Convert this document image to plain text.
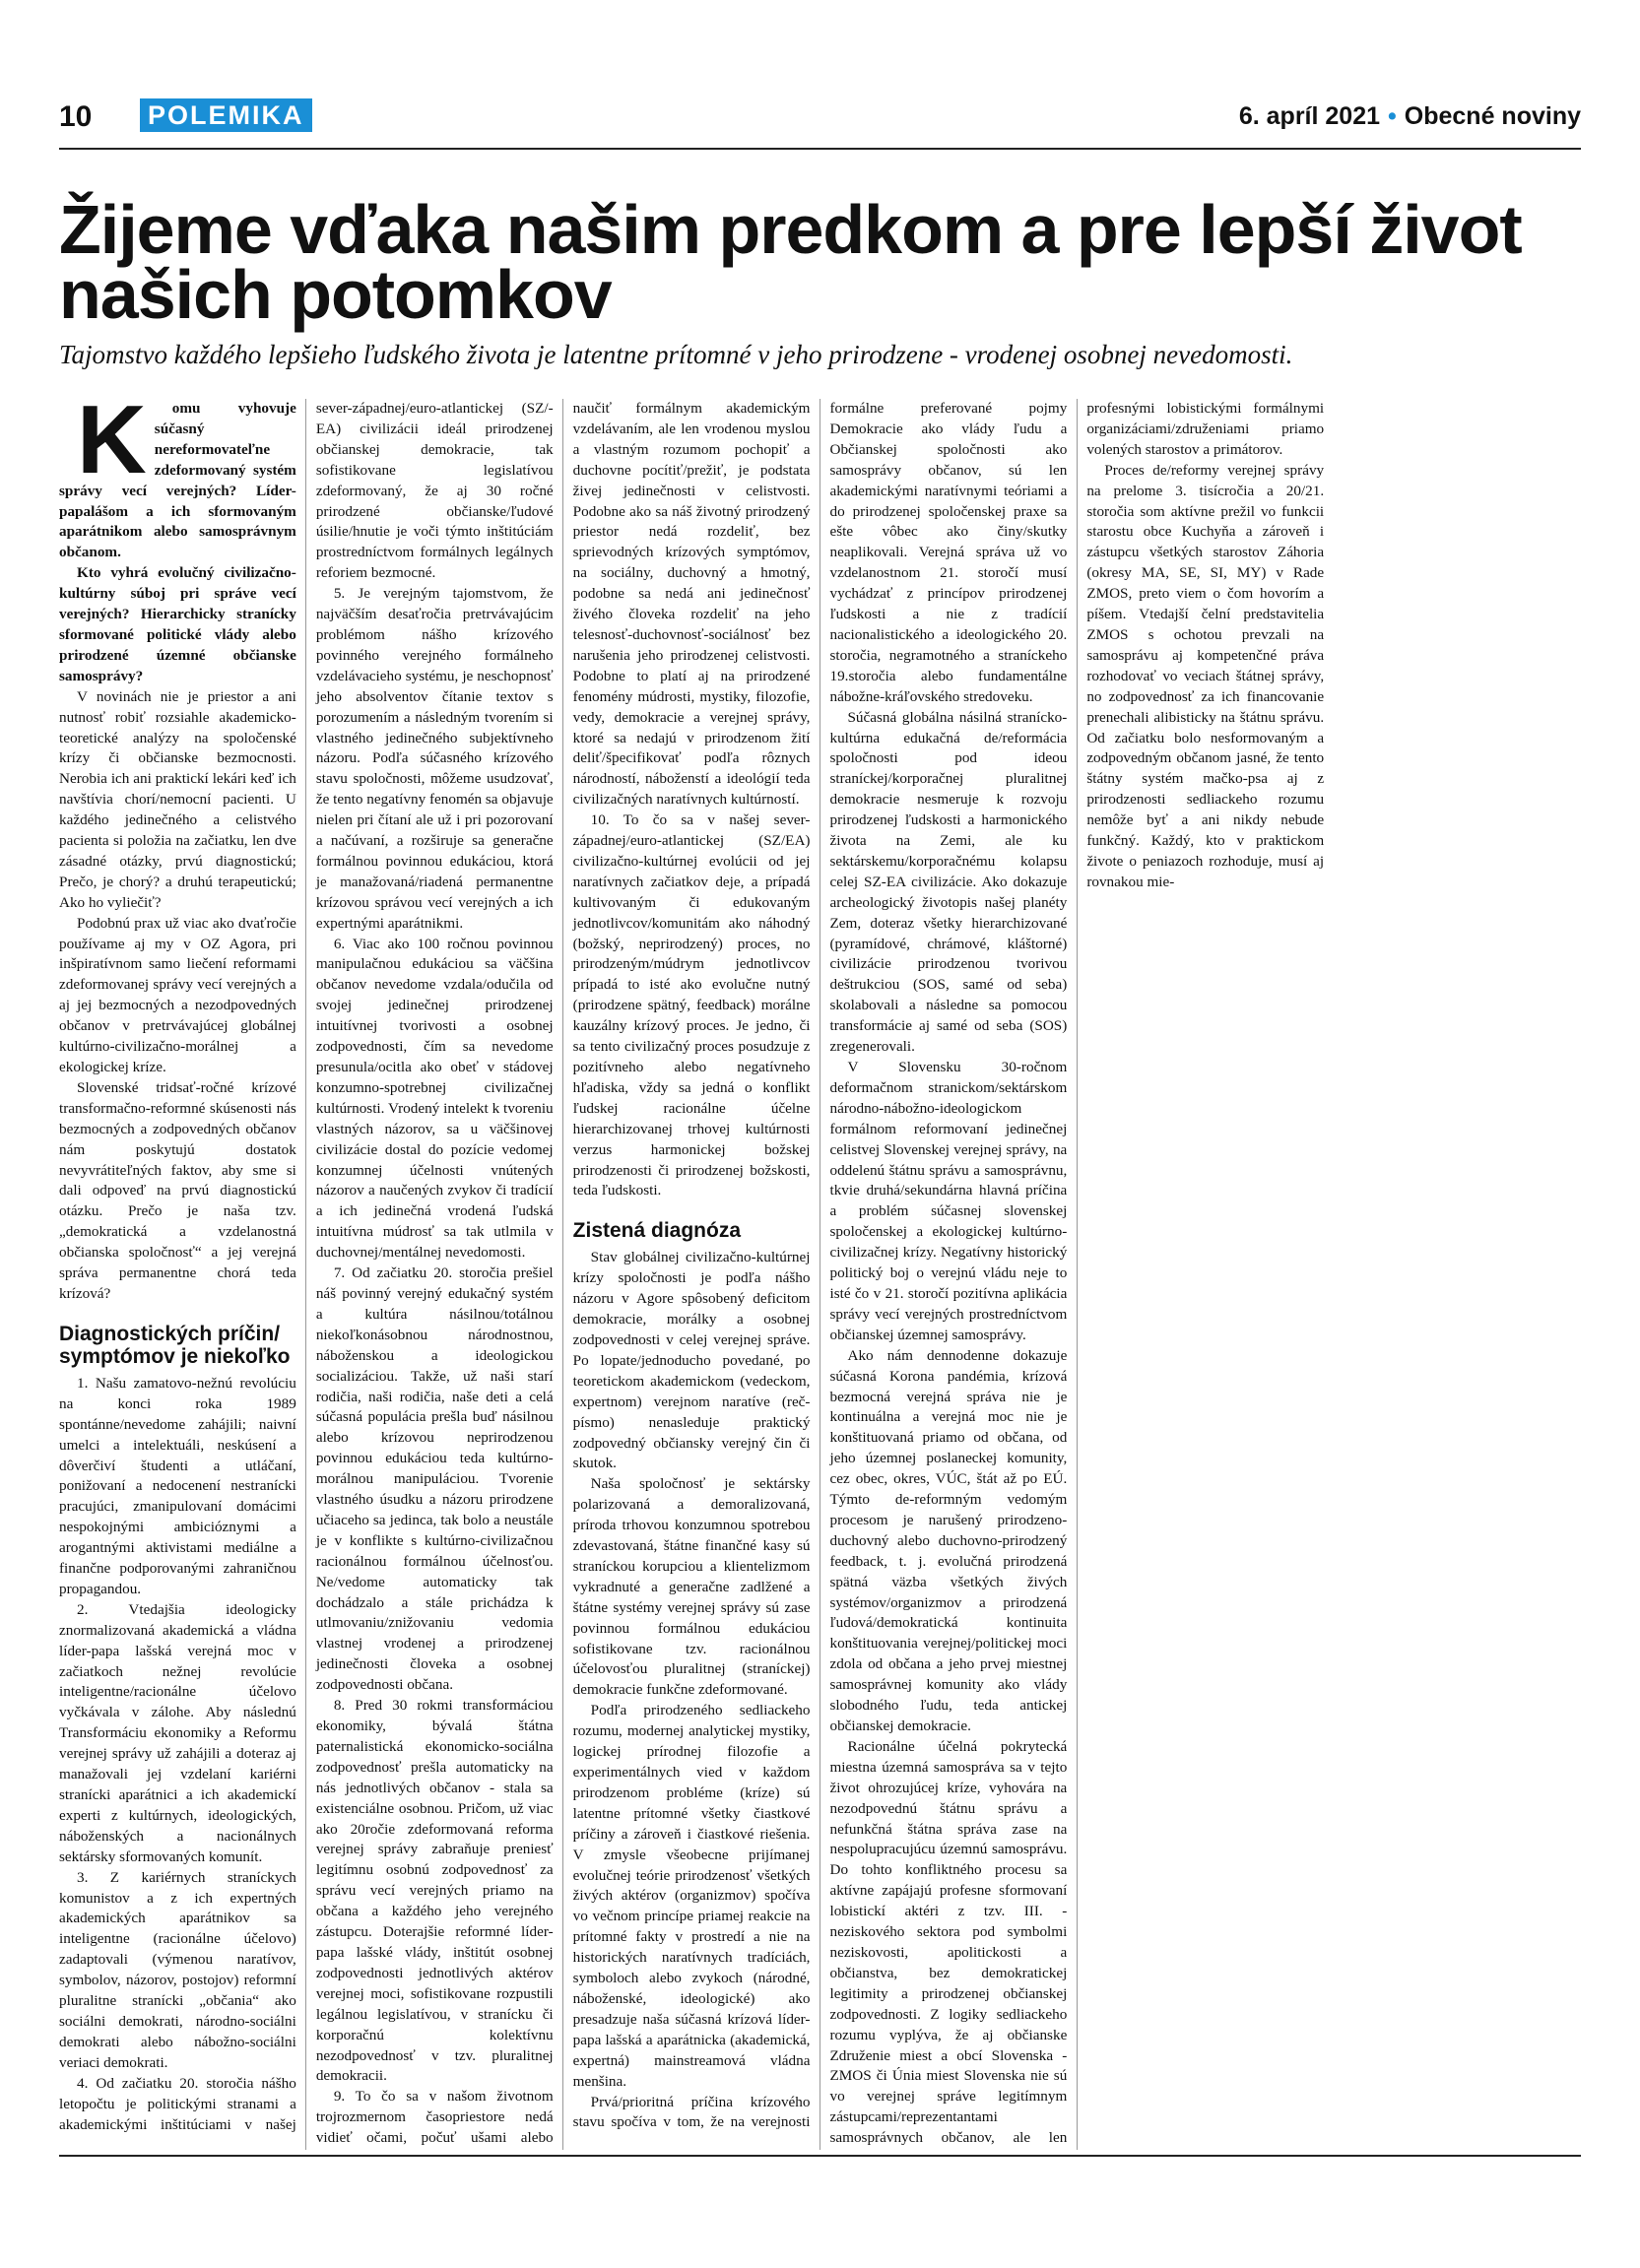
10 POLEMIKA	6. apríl 2021 • Obecné noviny
Žijeme vďaka našim predkom a pre lepší život našich potomkov
Tajomstvo každého lepšieho ľudského života je latentne prítomné v jeho prirodzene - vrodenej osobnej nevedomosti.

K omu vyhovuje súčasný nereformovateľne zdeformovaný systém správy vecí verejných? Líder-papalášom a ich sformovaným aparátnikom alebo samosprávnym občanom.

Kto vyhrá evolučný civilizačno-kultúrny súboj pri správe vecí verejných? Hierarchicky stranícky sformované politické vlády alebo prirodzené územné občianske samosprávy?

V novinách nie je priestor a ani nutnosť robiť rozsiahle akademicko-teoretické analýzy na spoločenské krízy či občianske bezmocnosti. Nerobia ich ani praktickí lekári keď ich navštívia chorí/nemocní pacienti. U každého jedinečného a celistvého pacienta si položia na začiatku, len dve zásadné otázky, prvú diagnostickú; Prečo, je chorý? a druhú terapeutickú; Ako ho vyliečiť?

Podobnú prax už viac ako dvaťročie používame aj my v OZ Agora, pri inšpiratívnom samo liečení reformami zdeformovanej správy vecí verejných a aj jej bezmocných a nezodpovedných občanov v pretrvávajúcej globálnej kultúrno-civilizačno-morálnej a ekologickej krízе.

Slovenské tridsať-ročné krízové transformačno-reformné skúsenosti nás bezmocných a zodpovedných občanov nám poskytujú dostatok nevyvrátiteľných faktov, aby sme si dali odpoveď na prvú diagnostickú otázku. Prečo je naša tzv. „demokratická a vzdelanostná občianska spoločnosť“ a jej verejná správa permanentne chorá teda krízová?

Diagnostických príčin/ symptómov je niekoľko

1. Našu zamatovo-nežnú revolúciu na konci roka 1989 spontánne/nevedome zahájili; naivní umelci a intelektuáli, neskúsení a dôverčiví študenti a utláčaní, ponižovaní a nedocenení nestranícki pracujúci, zmanipulovaní domácimi nespokojnými ambicióznymi a arogantnými aktivistami mediálne a finančne podporovanými zahraničnou propagandou.

2. Vtedajšia ideologicky znormalizovaná akademická a vládna líder-papa lašská verejná moc v začiatkoch nežnej revolúcie inteligentne/racionálne účelovo vyčkávala v zálohe. Aby následnú Transformáciu ekonomiky a Reformu verejnej správy už zahájili a doteraz aj manažovali jej vzdelaní kariérni stranícki aparátnici a ich akademickí experti z kultúrnych, ideologických, náboženských a nacionálnych sektársky sformovaných komunít.

3. Z kariérnych straníckych komunistov a z ich expertných akademických aparátnikov sa inteligentne (racionálne účelovo) zadaptovali (výmenou naratívov, symbolov, názorov, postojov) reformní pluralitne stranícki „občania“ ako sociálni demokrati, národno-sociálni demokrati alebo nábožno-sociálni veriaci demokrati.

4. Od začiatku 20. storočia nášho letopočtu je politickými stranami a akademickými inštitúciami v našej sever-západnej/euro-atlantickej (SZ/-EA) civilizácii ideál prirodzenej občianskej demokracie, tak sofistikovane legislatívou zdeformovaný, že aj 30 ročné prirodzené občianske/ľudové úsilie/hnutie je voči týmto inštitúciám prostredníctvom formálnych legálnych reforiem bezmocné.

5. Je verejným tajomstvom, že najväčším desaťročia pretrvávajúcim problémom nášho krízového povinného verejného formálneho vzdelávacieho systému, je neschopnosť jeho absolventov čítanie textov s porozumením a následným tvorením si vlastného jedinečného subjektívneho názoru. Podľa súčasného krízového stavu spoločnosti, môžeme usudzovať, že tento negatívny fenomén sa objavuje nielen pri čítaní ale už i pri pozorovaní a načúvaní, a rozširuje sa generačne formálnou povinnou edukáciou, ktorá je manažovaná/riadená permanentne krízovou správou vecí verejných a ich expertnými aparátnikmi.

6. Viac ako 100 ročnou povinnou manipulačnou edukáciou sa väčšina občanov nevedome vzdala/odučila od svojej jedinečnej prirodzenej intuitívnej tvorivosti a osobnej zodpovednosti, čím sa nevedome presunula/ocitla ako obeť v stádovej konzumno-spotrebnej civilizačnej kultúrnosti. Vrodený intelekt k tvoreniu vlastných názorov, sa u väčšinovej civilizácie dostal do pozície vedomej konzumnej účelnosti vnútených názorov a naučených zvykov či tradícií a ich jedinečná vrodená ľudská intuitívna múdrosť sa tak utlmila v duchovnej/mentálnej nevedomosti.

7. Od začiatku 20. storočia prešiel náš povinný verejný edukačný systém a kultúra násilnou/totálnou niekoľkonásobnou národnostnou, náboženskou a ideologickou socializáciou. Takže, už naši starí rodičia, naši rodičia, naše deti a celá súčasná populácia prešla buď násilnou alebo krízovou neprirodzenou povinnou edukáciou teda kultúrno-morálnou manipuláciou. Tvorenie vlastného úsudku a názoru prirodzene učiaceho sa jedinca, tak bolo a neustále je v konflikte s kultúrno-civilizačnou racionálnou formálnou účelnosťou. Ne/vedome automaticky tak dochádzalo a stále prichádza k utlmovaniu/znižovaniu vedomia vlastnej vrodenej a prirodzenej jedinečnosti človeka a osobnej zodpovednosti občana.

8. Pred 30 rokmi transformáciou ekonomiky, bývalá štátna paternalistická ekonomicko-sociálna zodpovednosť prešla automaticky na nás jednotlivých občanov - stala sa existenciálne osobnou. Pričom, už viac ako 20ročie zdeformovaná reforma verejnej správy zabraňuje preniesť legitímnu osobnú zodpovednosť za správu vecí verejných priamo na občana a každého jeho verejného zástupcu. Doterajšie reformné líder-papa lašské vlády, inštitút osobnej zodpovednosti jednotlivých aktérov verejnej moci, sofistikovane rozpustili legálnou legislatívou, v stranícku či korporačnú kolektívnu nezodpovednosť v tzv. pluralitnej demokracii.

9. To čo sa v našom životnom trojrozmernom časopriestore nedá vidieť očami, počuť ušami alebo naučiť formálnym akademickým vzdelávaním, ale len vrodenou myslou a vlastným rozumom pochopiť a duchovne pocítiť/prežiť, je podstata živej jedinečnosti v celistvosti. Podobne ako sa náš životný prirodzený priestor nedá rozdeliť, bez sprievodných krízových symptómov, na sociálny, duchovný a hmotný, podobne sa nedá ani jedinečnosť živého človeka rozdeliť na jeho telesnosť-duchovnosť-sociálnosť bez narušenia jeho prirodzenej celistvosti. Podobne to platí aj na prirodzené fenomény múdrosti, mystiky, filozofie, vedy, demokracie a verejnej správy, ktoré sa nedajú v prirodzenom žití deliť/špecifikovať podľa rôznych národností, náboženstí a ideológií teda civilizačných naratívnych kultúrností.

10. To čo sa v našej sever-západnej/euro-atlantickej (SZ/EA) civilizačno-kultúrnej evolúcii od jej naratívnych začiatkov deje, a prípadá kultivovaným či edukovaným jednotlivcov/komunitám ako náhodný (božský, neprirodzený) proces, no prirodzeným/múdrym jednotlivcov prípadá to isté ako evolučne nutný (prirodzene spätný, feedback) morálne kauzálny krízový proces. Je jedno, či sa tento civilizačný proces posudzuje z pozitívneho alebo negatívneho hľadiska, vždy sa jedná o konflikt ľudskej racionálne účelne hierarchizovanej trhovej kultúrnosti verzus harmonickej božskej prirodzenosti či prirodzenej božskosti, teda ľudskosti.

Zistená diagnóza

Stav globálnej civilizačno-kultúrnej krízy spoločnosti je podľa nášho názoru v Agore spôsobený deficitom demokracie, morálky a osobnej zodpovednosti v celej verejnej správe. Po lopate/jednoducho povedané, po teoretickom akademickom (vedeckom, expertnom) verejnom naratíve (reč-písmo) nenasleduje praktický zodpovedný občiansky verejný čin či skutok.

Naša spoločnosť je sektársky polarizovaná a demoralizovaná, príroda trhovou konzumnou spotrebou zdevastovaná, štátne finančné kasy sú straníckou korupciou a klientelizmom vykradnuté a generačne zadlžené a štátne systémy verejnej správy sú zase povinnou formálnou edukáciou sofistikovane tzv. racionálnou účelovosťou pluralitnej (straníckej) demokracie funkčne zdeformované.

Podľa prirodzeného sedliackeho rozumu, modernej analytickej mystiky, logickej prírodnej filozofie a experimentálnych vied v každom prirodzenom probléme (kríze) sú latentne prítomné všetky čiastkové príčiny a zároveň i čiastkové riešenia. V zmysle všeobecne prijímanej evolučnej teórie prirodzenosť všetkých živých aktérov (organizmov) spočíva vo večnom princípe priamej reakcie na prítomné fakty v prostredí a nie na historických naratívnych tradíciách, symboloch alebo zvykoch (národné, náboženské, ideologické) ako presadzuje naša súčasná krízová líder-papa lašská a aparátnicka (akademická, expertná) mainstreamová vládna menšina.

Prvá/prioritná príčina krízového stavu spočíva v tom, že na verejnosti formálne preferované pojmy Demokracie ako vlády ľudu a Občianskej spoločnosti ako samosprávy občanov, sú len akademickými naratívnymi teóriami a do prirodzenej spoločenskej praxe sa ešte vôbec ako činy/skutky neaplikovali. Verejná správa už vo vzdelanostnom 21. storočí musí vychádzať z princípov prirodzenej ľudskosti a nie z tradícií nacionalistického a ideologického 20. storočia, negramotného a straníckeho 19.storočia alebo fundamentálne nábožne-kráľovského stredoveku.

Súčasná globálna násilná stranícko-kultúrna edukačná de/reformácia spoločnosti pod ideou straníckej/korporačnej pluralitnej demokracie nesmeruje k rozvoju prirodzenej ľudskosti a harmonického života na Zemi, ale ku sektárskemu/korporačnému kolapsu celej SZ-EA civilizácie. Ako dokazuje archeologický životopis našej planéty Zem, doteraz všetky hierarchizované (pyramídové, chrámové, kláštorné) civilizácie prirodzenou tvorivou deštrukciou (SOS, samé od seba) skolabovali a následne sa pomocou transformácie aj samé od seba (SOS) zregenerovali.

V Slovensku 30-ročnom deformačnom stranickom/sektárskom národno-nábožno-ideologickom formálnom reformovaní jedinečnej celistvej Slovenskej verejnej správy, na oddelenú štátnu správu a samosprávnu, tkvie druhá/sekundárna hlavná príčina a problém súčasnej slovenskej spoločenskej a ekologickej kultúrno-civilizačnej krízy. Negatívny historický politický boj o verejnú vládu neje to isté čo v 21. storočí pozitívna aplikácia správy vecí verejných prostredníctvom občianskej územnej samosprávy.

Ako nám dennodenne dokazuje súčasná Korona pandémia, krízová bezmocná verejná správa nie je kontinuálna a verejná moc nie je konštituovaná priamo od občana, od jeho územnej poslaneckej komunity, cez obec, okres, VÚC, štát až po EÚ. Týmto de-reformným vedomým procesom je narušený prirodzeno-duchovný alebo duchovno-prirodzený feedback, t. j. evolučná prirodzená spätná väzba všetkých živých systémov/organizmov a prirodzená ľudová/demokratická kontinuita konštituovania verejnej/politickej moci zdola od občana a jeho prvej miestnej samosprávnej komunity ako vlády slobodného ľudu, teda antickej občianskej demokracie.

Racionálne účelná pokrytecká miestna územná samospráva sa v tejto život ohrozujúcej kríze, vyhovára na nezodpovednú štátnu správu a nefunkčná štátna správa zase na nespolupracujúcu územnú samosprávu. Do tohto konfliktného procesu sa aktívne zapájajú profesne sformovaní lobistickí aktéri z tzv. III. - neziskového sektora pod symbolmi neziskovosti, apolitickosti a občianstva, bez demokratickej legitimity a prirodzenej občianskej zodpovednosti. Z logiky sedliackeho rozumu vyplýva, že aj občianske Združenie miest a obcí Slovenska - ZMOS či Únia miest Slovenska nie sú vo verejnej správe legitímnym zástupcami/reprezentantami samosprávnych občanov, ale len profesnými lobistickými formálnymi organizáciami/združeniami priamo volených starostov a primátorov.

Proces de/reformy verejnej správy na prelome 3. tisícročia a 20/21. storočia som aktívne prežil vo funkcii starostu obce Kuchyňa a zároveň i zástupcu všetkých starostov Záhoria (okresy MA, SE, SI, MY) v Rade ZMOS, preto viem o čom hovorím a píšem. Vtedajší čelní predstavitelia ZMOS s ochotou prevzali na samosprávu aj kompetenčné práva rozhodovať vo veciach štátnej správy, no zodpovednosť za ich financovanie prenechali alibisticky na štátnu správu. Od začiatku bolo nesformovaným a zodpovedným občanom jasné, že tento štátny systém mačko-psa aj z prirodzenosti sedliackeho rozumu nemôže byť a ani nikdy nebude funkčný. Každý, kto v praktickom živote o peniazoch rozhoduje, musí aj rovnakou mie-
